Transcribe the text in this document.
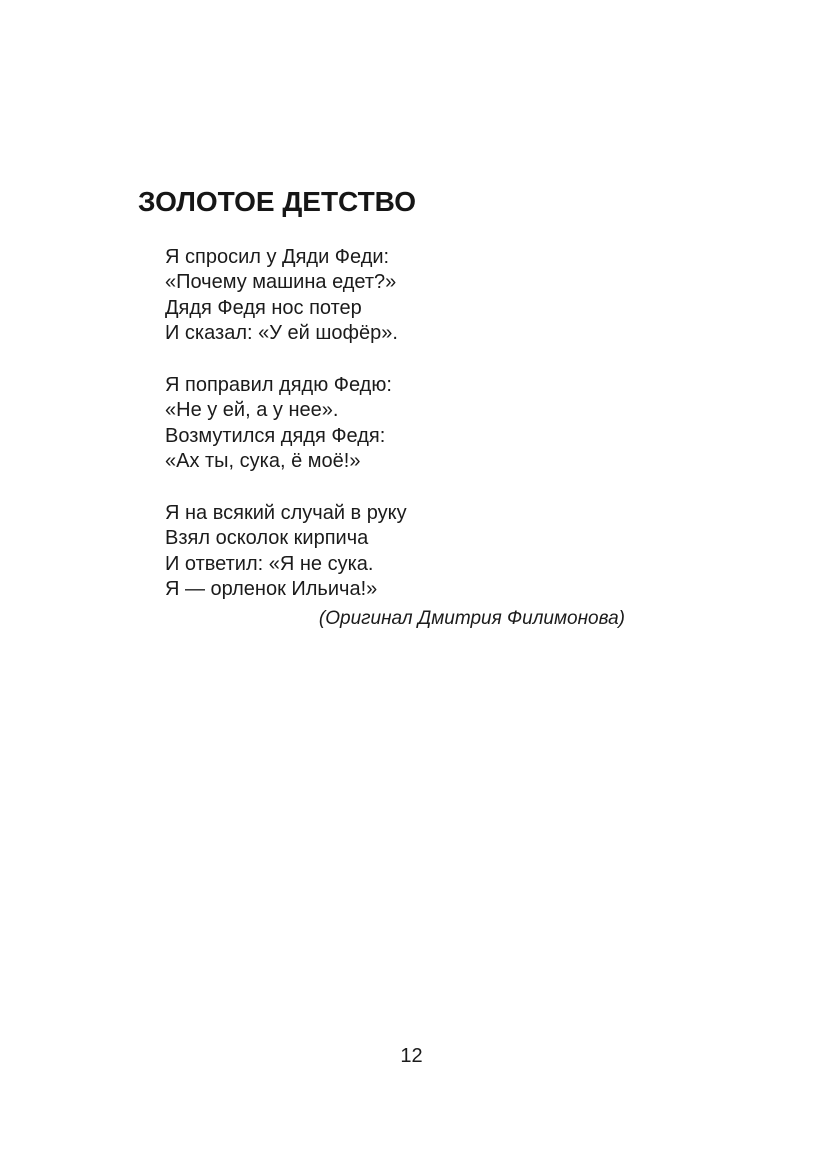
ЗОЛОТОЕ ДЕТСТВО
Я спросил у Дяди Феди:
«Почему машина едет?»
Дядя Федя нос потер
И сказал: «У ей шофёр».
Я поправил дядю Федю:
«Не у ей, а у нее».
Возмутился дядя Федя:
«Ах ты, сука, ё моё!»
Я на всякий случай в руку
Взял осколок кирпича
И ответил: «Я не сука.
Я — орленок Ильича!»
(Оригинал Дмитрия Филимонова)
12
